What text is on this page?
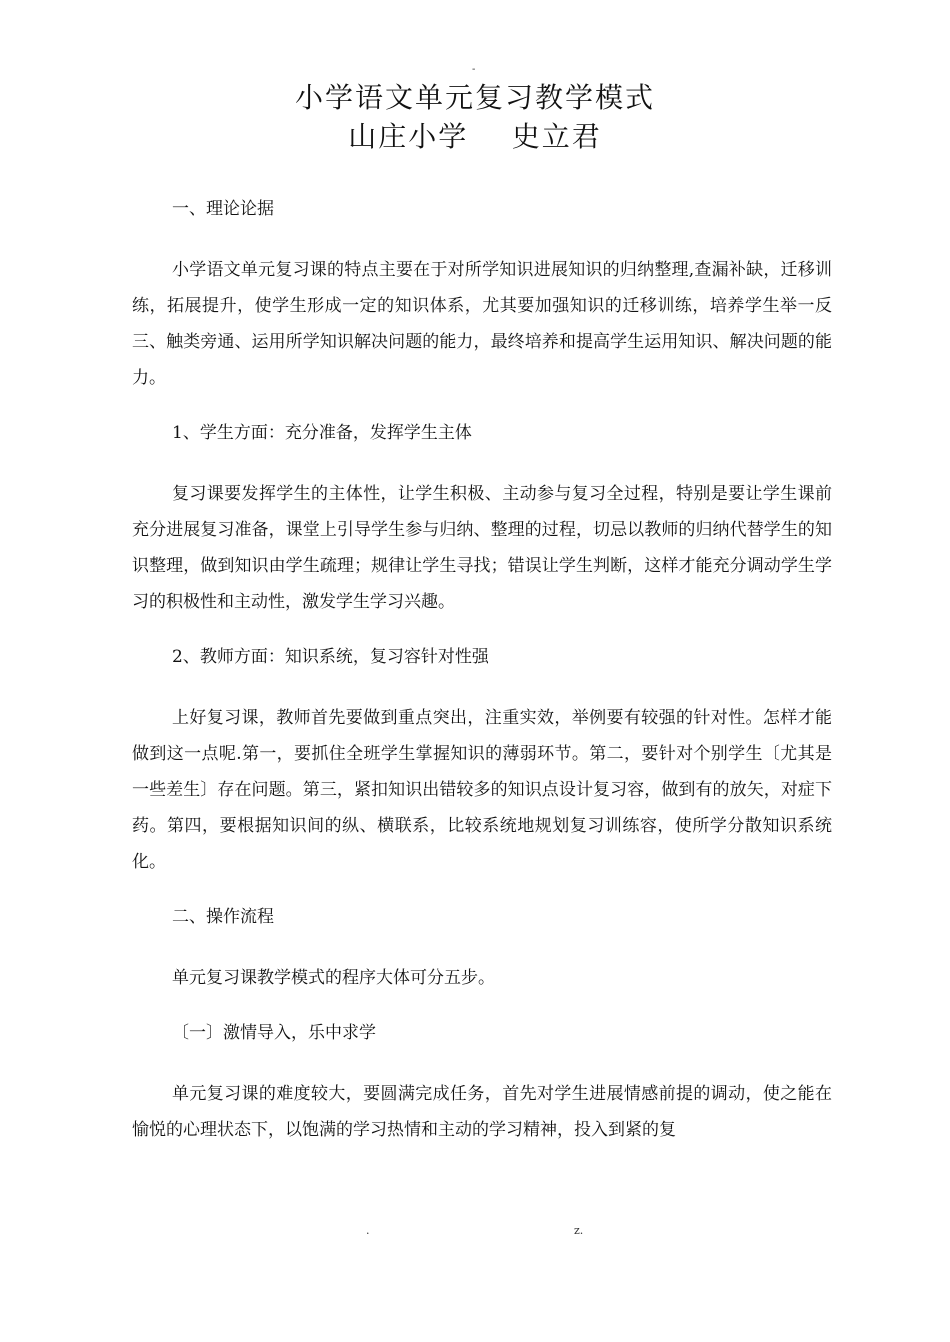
-
小学语文单元复习教学模式
山庄小学    史立君
一、理论论据

小学语文单元复习课的特点主要在于对所学知识进展知识的归纳整理,查漏补缺，迁移训练，拓展提升，使学生形成一定的知识体系，尤其要加强知识的迁移训练，培养学生举一反三、触类旁通、运用所学知识解决问题的能力，最终培养和提高学生运用知识、解决问题的能力。

1、学生方面：充分准备，发挥学生主体

复习课要发挥学生的主体性，让学生积极、主动参与复习全过程，特别是要让学生课前充分进展复习准备，课堂上引导学生参与归纳、整理的过程，切忌以教师的归纳代替学生的知识整理，做到知识由学生疏理；规律让学生寻找；错误让学生判断，这样才能充分调动学生学习的积极性和主动性，激发学生学习兴趣。

2、教师方面：知识系统，复习容针对性强

上好复习课，教师首先要做到重点突出，注重实效，举例要有较强的针对性。怎样才能做到这一点呢.第一，要抓住全班学生掌握知识的薄弱环节。第二，要针对个别学生〔尤其是一些差生〕存在问题。第三，紧扣知识出错较多的知识点设计复习容，做到有的放矢，对症下药。第四，要根据知识间的纵、横联系，比较系统地规划复习训练容，使所学分散知识系统化。

二、操作流程

单元复习课教学模式的程序大体可分五步。

〔一〕激情导入，乐中求学

单元复习课的难度较大，要圆满完成任务，首先对学生进展情感前提的调动，使之能在愉悦的心理状态下，以饱满的学习热情和主动的学习精神，投入到紧的复

.	z.
